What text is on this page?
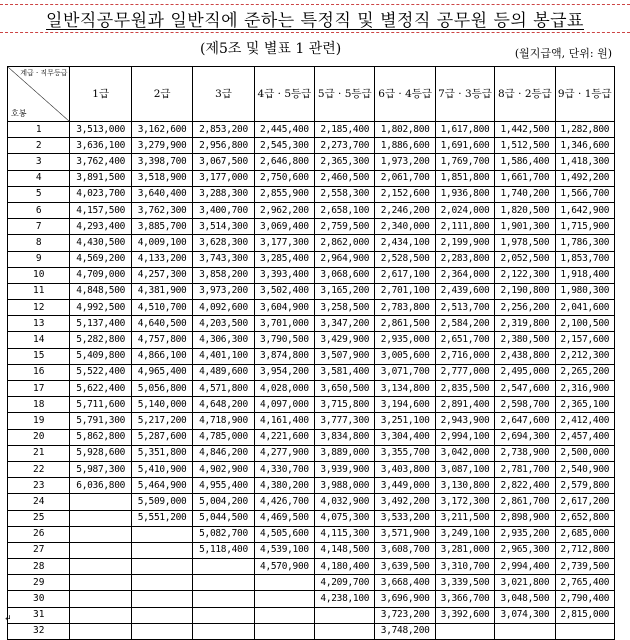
일반직공무원과 일반직에 준하는 특정직 및 별정직 공무원 등의 봉급표
(제5조 및 별표 1 관련)	(월지급액, 단위: 원)
계급 · 직무등급
호봉	1급	2급	3급	4급 · 5등급	5급 · 5등급	6급 · 4등급	7급 · 3등급	8급 · 2등급	9급 · 1등급
1	3,513,000	3,162,600	2,853,200	2,445,400	2,185,400	1,802,800	1,617,800	1,442,500	1,282,800
2	3,636,100	3,279,900	2,956,800	2,545,300	2,273,700	1,886,600	1,691,600	1,512,500	1,346,600
3	3,762,400	3,398,700	3,067,500	2,646,800	2,365,300	1,973,200	1,769,700	1,586,400	1,418,300
4	3,891,500	3,518,900	3,177,000	2,750,600	2,460,500	2,061,700	1,851,800	1,661,700	1,492,200
5	4,023,700	3,640,400	3,288,300	2,855,900	2,558,300	2,152,600	1,936,800	1,740,200	1,566,700
6	4,157,500	3,762,300	3,400,700	2,962,200	2,658,100	2,246,200	2,024,000	1,820,500	1,642,900
7	4,293,400	3,885,700	3,514,300	3,069,400	2,759,500	2,340,000	2,111,800	1,901,300	1,715,900
8	4,430,500	4,009,100	3,628,300	3,177,300	2,862,000	2,434,100	2,199,900	1,978,500	1,786,300
9	4,569,200	4,133,200	3,743,300	3,285,400	2,964,900	2,528,500	2,283,800	2,052,500	1,853,700
10	4,709,000	4,257,300	3,858,200	3,393,400	3,068,600	2,617,100	2,364,000	2,122,300	1,918,400
11	4,848,500	4,381,900	3,973,200	3,502,400	3,165,200	2,701,100	2,439,600	2,190,800	1,980,300
12	4,992,500	4,510,700	4,092,600	3,604,900	3,258,500	2,783,800	2,513,700	2,256,200	2,041,600
13	5,137,400	4,640,500	4,203,500	3,701,000	3,347,200	2,861,500	2,584,200	2,319,800	2,100,500
14	5,282,800	4,757,800	4,306,300	3,790,500	3,429,900	2,935,000	2,651,700	2,380,500	2,157,600
15	5,409,800	4,866,100	4,401,100	3,874,800	3,507,900	3,005,600	2,716,000	2,438,800	2,212,300
16	5,522,400	4,965,400	4,489,600	3,954,200	3,581,400	3,071,700	2,777,000	2,495,000	2,265,200
17	5,622,400	5,056,800	4,571,800	4,028,000	3,650,500	3,134,800	2,835,500	2,547,600	2,316,900
18	5,711,600	5,140,000	4,648,200	4,097,000	3,715,800	3,194,600	2,891,400	2,598,700	2,365,100
19	5,791,300	5,217,200	4,718,900	4,161,400	3,777,300	3,251,100	2,943,900	2,647,600	2,412,400
20	5,862,800	5,287,600	4,785,000	4,221,600	3,834,800	3,304,400	2,994,100	2,694,300	2,457,400
21	5,928,600	5,351,800	4,846,200	4,277,900	3,889,000	3,355,700	3,042,000	2,738,900	2,500,000
22	5,987,300	5,410,900	4,902,900	4,330,700	3,939,900	3,403,800	3,087,100	2,781,700	2,540,900
23	6,036,800	5,464,900	4,955,400	4,380,200	3,988,000	3,449,000	3,130,800	2,822,400	2,579,800
24		5,509,000	5,004,200	4,426,700	4,032,900	3,492,200	3,172,300	2,861,700	2,617,200
25		5,551,200	5,044,500	4,469,500	4,075,300	3,533,200	3,211,500	2,898,900	2,652,800
26			5,082,700	4,505,600	4,115,300	3,571,900	3,249,100	2,935,200	2,685,000
27			5,118,400	4,539,100	4,148,500	3,608,700	3,281,000	2,965,300	2,712,800
28				4,570,900	4,180,400	3,639,500	3,310,700	2,994,400	2,739,500
29					4,209,700	3,668,400	3,339,500	3,021,800	2,765,400
30					4,238,100	3,696,900	3,366,700	3,048,500	2,790,400
31						3,723,200	3,392,600	3,074,300	2,815,000
32						3,748,200			
↵
